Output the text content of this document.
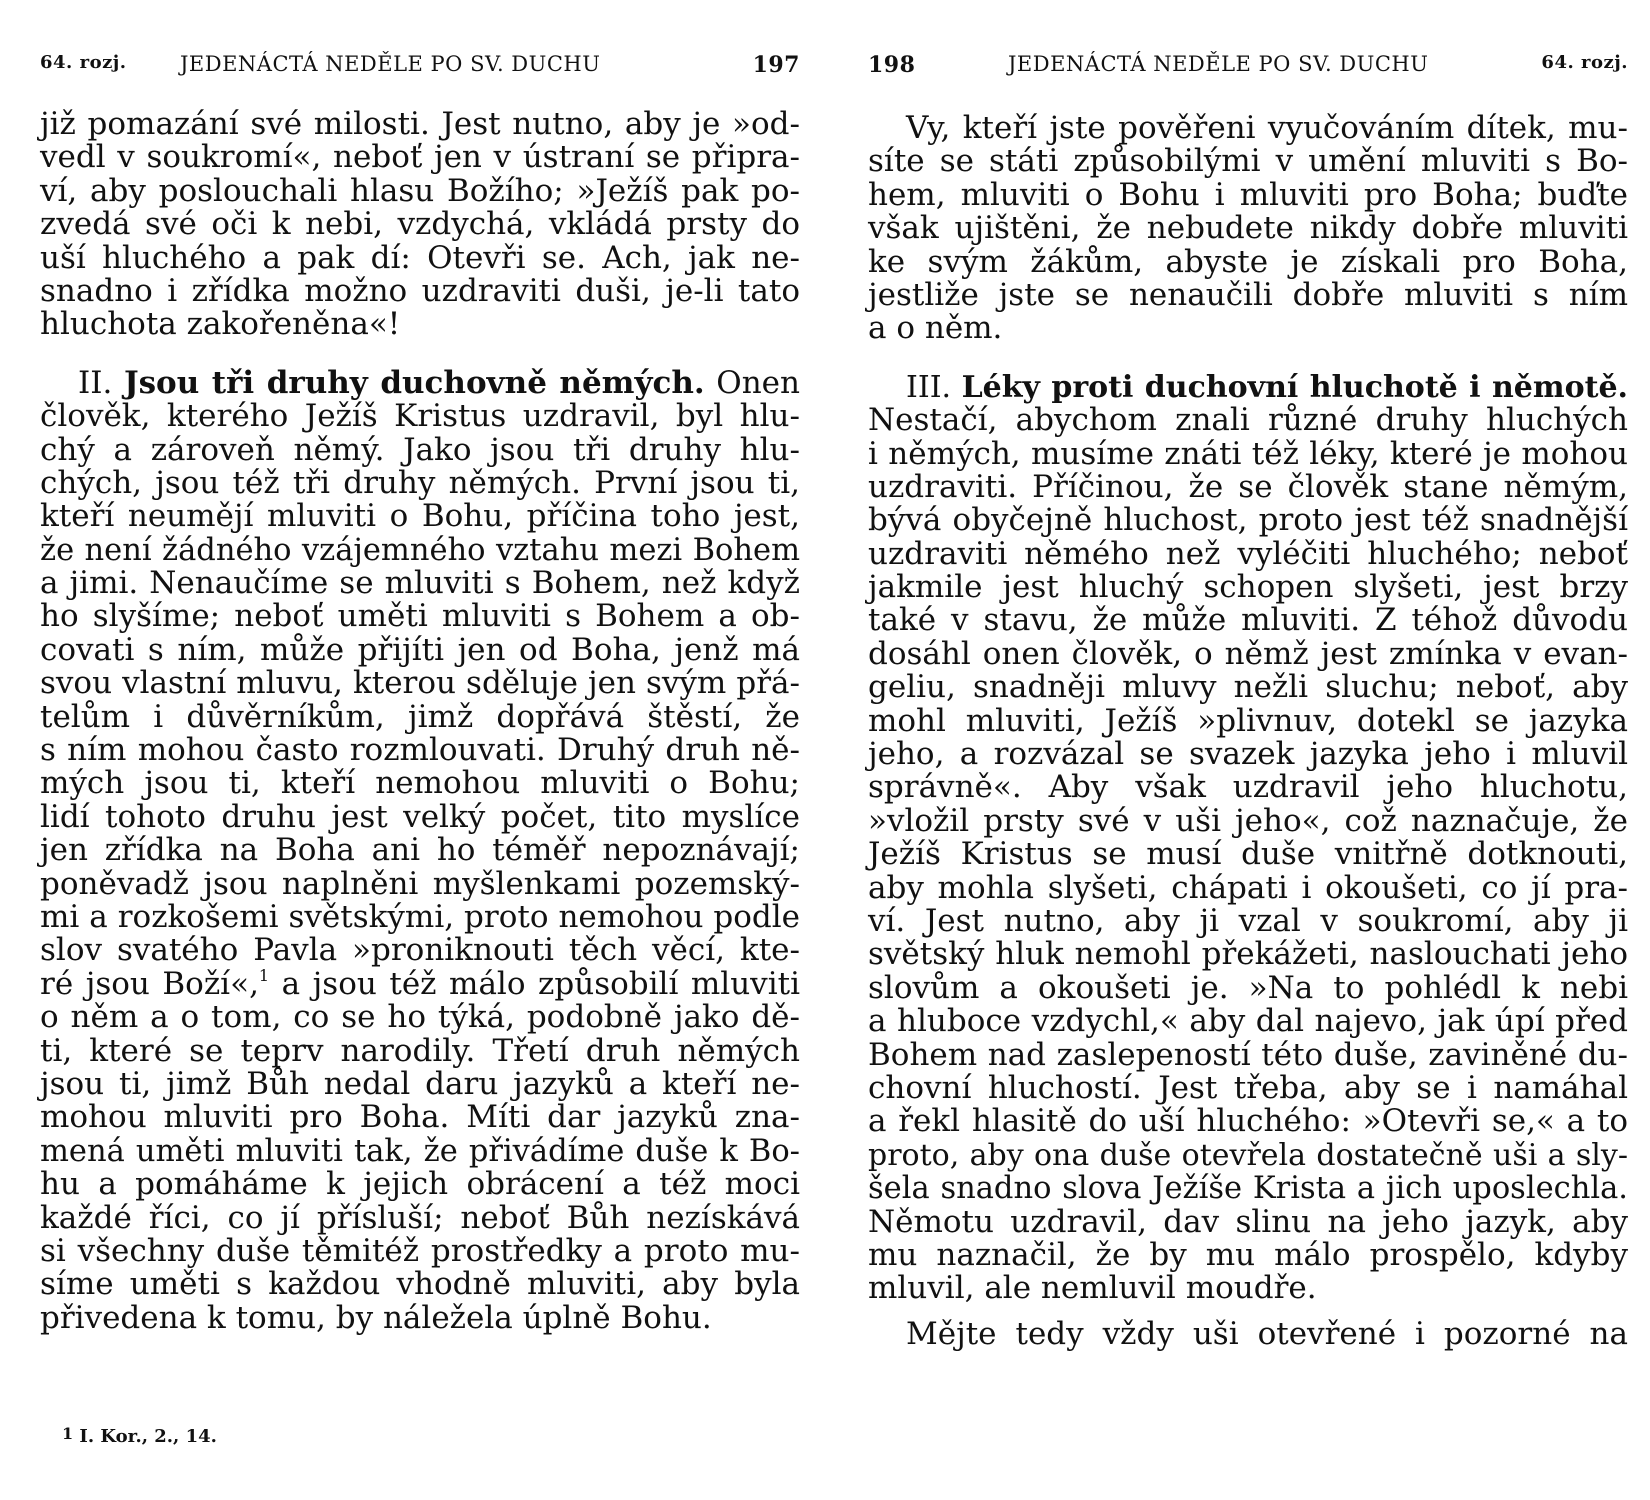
64. rozj.	JEDENÁCTÁ NEDĚLE PO SV. DUCHU	197
již pomazání své milosti. Jest nutno, aby je »od-
vedl v soukromí«, neboť jen v ústraní se připra-
ví, aby poslouchali hlasu Božího; »Ježíš pak po-
zvedá své oči k nebi, vzdychá, vkládá prsty do
uší hluchého a pak dí: Otevři se. Ach, jak ne-
snadno i zřídka možno uzdraviti duši, je-li tato
hluchota zakořeněna«!
II. Jsou tři druhy duchovně němých. Onen
člověk, kterého Ježíš Kristus uzdravil, byl hlu-
chý a zároveň němý. Jako jsou tři druhy hlu-
chých, jsou též tři druhy němých. První jsou ti,
kteří neumějí mluviti o Bohu, příčina toho jest,
že není žádného vzájemného vztahu mezi Bohem
a jimi. Nenaučíme se mluviti s Bohem, než když
ho slyšíme; neboť uměti mluviti s Bohem a ob-
covati s ním, může přijíti jen od Boha, jenž má
svou vlastní mluvu, kterou sděluje jen svým přá-
telům i důvěrníkům, jimž dopřává štěstí, že
s ním mohou často rozmlouvati. Druhý druh ně-
mých jsou ti, kteří nemohou mluviti o Bohu;
lidí tohoto druhu jest velký počet, tito myslíce
jen zřídka na Boha ani ho téměř nepoznávají;
poněvadž jsou naplněni myšlenkami pozemský-
mi a rozkošemi světskými, proto nemohou podle
slov svatého Pavla »proniknouti těch věcí, kte-
ré jsou Boží«,$^1$ a jsou též málo způsobilí mluviti
o něm a o tom, co se ho týká, podobně jako dě-
ti, které se teprv narodily. Třetí druh němých
jsou ti, jimž Bůh nedal daru jazyků a kteří ne-
mohou mluviti pro Boha. Míti dar jazyků zna-
mená uměti mluviti tak, že přivádíme duše k Bo-
hu a pomáháme k jejich obrácení a též moci
každé říci, co jí přísluší; neboť Bůh nezískává
si všechny duše těmitéž prostředky a proto mu-
síme uměti s každou vhodně mluviti, aby byla
přivedena k tomu, by náležela úplně Bohu.
$^1$ I. Kor., 2., 14.
198	JEDENÁCTÁ NEDĚLE PO SV. DUCHU	64. rozj.
Vy, kteří jste pověřeni vyučováním dítek, mu-
síte se státi způsobilými v umění mluviti s Bo-
hem, mluviti o Bohu i mluviti pro Boha; buďte
však ujištěni, že nebudete nikdy dobře mluviti
ke svým žákům, abyste je získali pro Boha,
jestliže jste se nenaučili dobře mluviti s ním
a o něm.
III. Léky proti duchovní hluchotě i němotě.
Nestačí, abychom znali různé druhy hluchých
i němých, musíme znáti též léky, které je mohou
uzdraviti. Příčinou, že se člověk stane němým,
bývá obyčejně hluchost, proto jest též snadnější
uzdraviti němého než vyléčiti hluchého; neboť
jakmile jest hluchý schopen slyšeti, jest brzy
také v stavu, že může mluviti. Z téhož důvodu
dosáhl onen člověk, o němž jest zmínka v evan-
geliu, snadněji mluvy nežli sluchu; neboť, aby
mohl mluviti, Ježíš »plivnuv, dotekl se jazyka
jeho, a rozvázal se svazek jazyka jeho i mluvil
správně«. Aby však uzdravil jeho hluchotu,
»vložil prsty své v uši jeho«, což naznačuje, že
Ježíš Kristus se musí duše vnitřně dotknouti,
aby mohla slyšeti, chápati i okoušeti, co jí pra-
ví. Jest nutno, aby ji vzal v soukromí, aby ji
světský hluk nemohl překážeti, naslouchati jeho
slovům a okoušeti je. »Na to pohlédl k nebi
a hluboce vzdychl,« aby dal najevo, jak úpí před
Bohem nad zaslepeností této duše, zaviněné du-
chovní hluchostí. Jest třeba, aby se i namáhal
a řekl hlasitě do uší hluchého: »Otevři se,« a to
proto, aby ona duše otevřela dostatečně uši a sly-
šela snadno slova Ježíše Krista a jich uposlechla.
Němotu uzdravil, dav slinu na jeho jazyk, aby
mu naznačil, že by mu málo prospělo, kdyby
mluvil, ale nemluvil moudře.
Mějte tedy vždy uši otevřené i pozorné na
